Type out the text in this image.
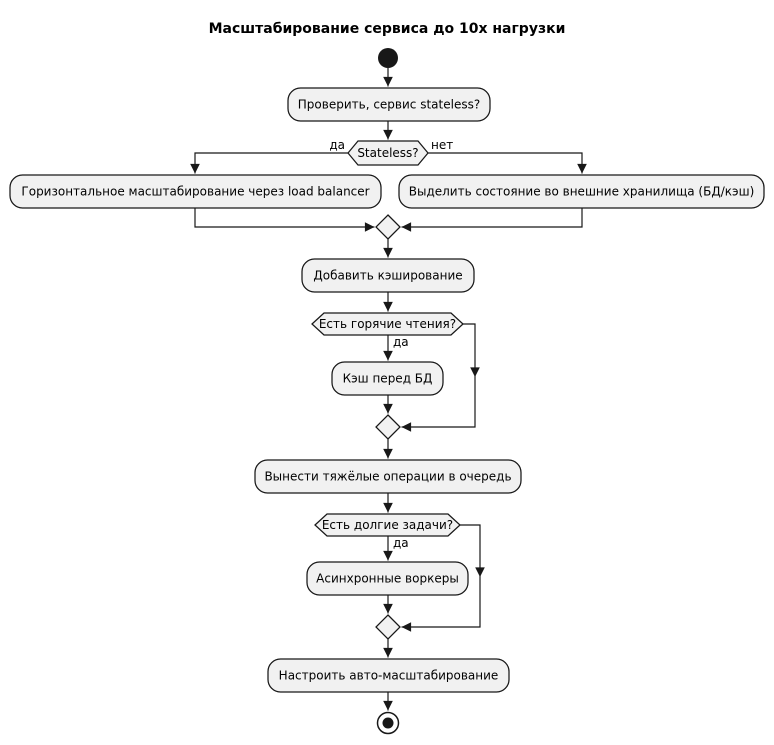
Масштабирование сервиса до 10х нагрузки
Проверить, сервис stateless?
Stateless?
да	нет
Горизонтальное масштабирование через load balancer	Выделить состояние во внешние хранилища (БД/кэш)
Добавить кэширование
Есть горячие чтения?
да
Кэш перед БД
Вынести тяжёлые операции в очередь
Есть долгие задачи?
да
Асинхронные воркеры
Настроить авто-масштабирование
